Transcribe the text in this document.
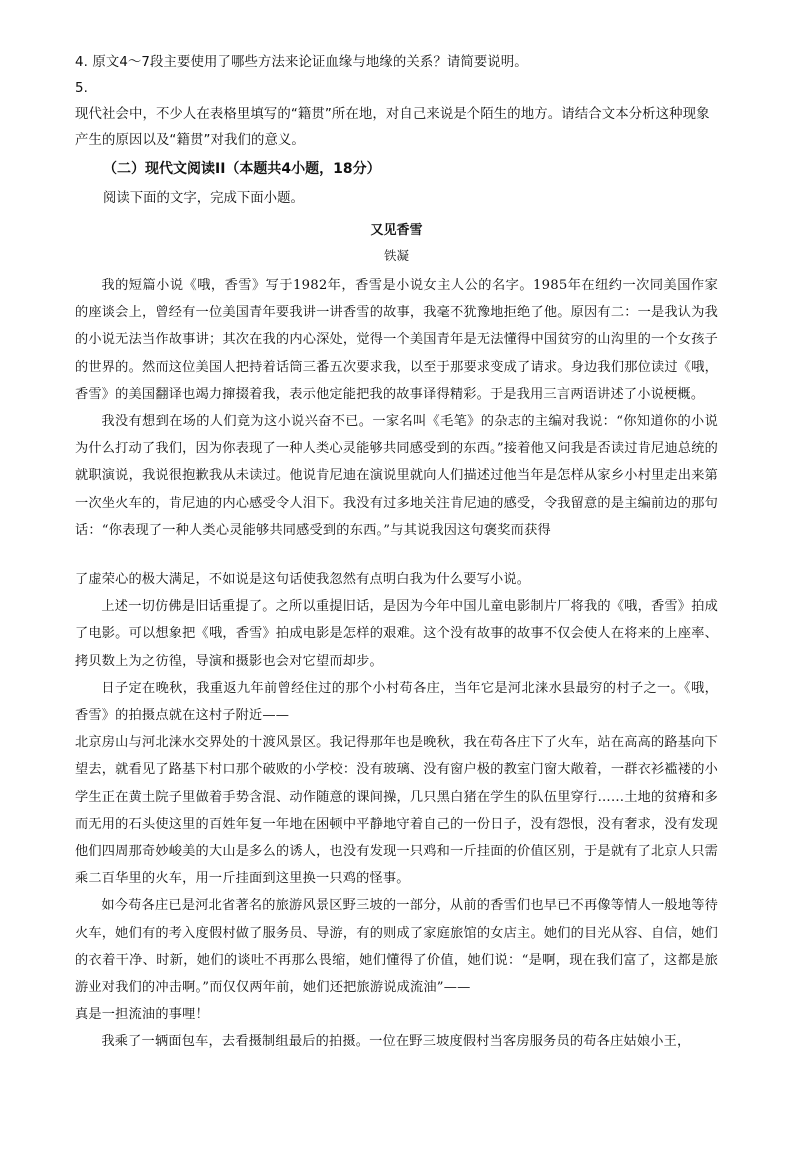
4. 原文4～7段主要使用了哪些方法来论证血缘与地缘的关系？请简要说明。

5.

现代社会中，不少人在表格里填写的“籍贯”所在地，对自己来说是个陌生的地方。请结合文本分析这种现象产生的原因以及“籍贯”对我们的意义。

（二）现代文阅读II（本题共4小题，18分）

阅读下面的文字，完成下面小题。

又见香雪

铁凝

我的短篇小说《哦，香雪》写于1982年，香雪是小说女主人公的名字。1985年在纽约一次同美国作家的座谈会上，曾经有一位美国青年要我讲一讲香雪的故事，我毫不犹豫地拒绝了他。原因有二：一是我认为我的小说无法当作故事讲；其次在我的内心深处，觉得一个美国青年是无法懂得中国贫穷的山沟里的一个女孩子的世界的。然而这位美国人把持着话筒三番五次要求我，以至于那要求变成了请求。身边我们那位读过《哦，香雪》的美国翻译也竭力撺掇着我，表示他定能把我的故事译得精彩。于是我用三言两语讲述了小说梗概。

我没有想到在场的人们竟为这小说兴奋不已。一家名叫《毛笔》的杂志的主编对我说：“你知道你的小说为什么打动了我们，因为你表现了一种人类心灵能够共同感受到的东西。”接着他又问我是否读过肯尼迪总统的就职演说，我说很抱歉我从未读过。他说肯尼迪在演说里就向人们描述过他当年是怎样从家乡小村里走出来第一次坐火车的，肯尼迪的内心感受令人泪下。我没有过多地关注肯尼迪的感受，令我留意的是主编前边的那句话：“你表现了一种人类心灵能够共同感受到的东西。”与其说我因这句褒奖而获得

了虚荣心的极大满足，不如说是这句话使我忽然有点明白我为什么要写小说。

上述一切仿佛是旧话重提了。之所以重提旧话，是因为今年中国儿童电影制片厂将我的《哦，香雪》拍成了电影。可以想象把《哦，香雪》拍成电影是怎样的艰难。这个没有故事的故事不仅会使人在将来的上座率、拷贝数上为之彷徨，导演和摄影也会对它望而却步。

日子定在晚秋，我重返九年前曾经住过的那个小村苟各庄，当年它是河北涞水县最穷的村子之一。《哦，香雪》的拍摄点就在这村子附近——

北京房山与河北涞水交界处的十渡风景区。我记得那年也是晚秋，我在苟各庄下了火车，站在高高的路基向下望去，就看见了路基下村口那个破败的小学校：没有玻璃、没有窗户极的教室门窗大敞着，一群衣衫褴褛的小学生正在黄土院子里做着手势含混、动作随意的课间操，几只黑白猪在学生的队伍里穿行……土地的贫瘠和多而无用的石头使这里的百姓年复一年地在困顿中平静地守着自己的一份日子，没有怨恨，没有奢求，没有发现他们四周那奇妙峻美的大山是多么的诱人，也没有发现一只鸡和一斤挂面的价值区别，于是就有了北京人只需乘二百华里的火车，用一斤挂面到这里换一只鸡的怪事。

如今苟各庄已是河北省著名的旅游风景区野三坡的一部分，从前的香雪们也早已不再像等情人一般地等待火车，她们有的考入度假村做了服务员、导游，有的则成了家庭旅馆的女店主。她们的目光从容、自信，她们的衣着干净、时新，她们的谈吐不再那么畏缩，她们懂得了价值，她们说：“是啊，现在我们富了，这都是旅游业对我们的冲击啊。”而仅仅两年前，她们还把旅游说成流油”——

真是一担流油的事哩！

我乘了一辆面包车，去看摄制组最后的拍摄。一位在野三坡度假村当客房服务员的苟各庄姑娘小王，
